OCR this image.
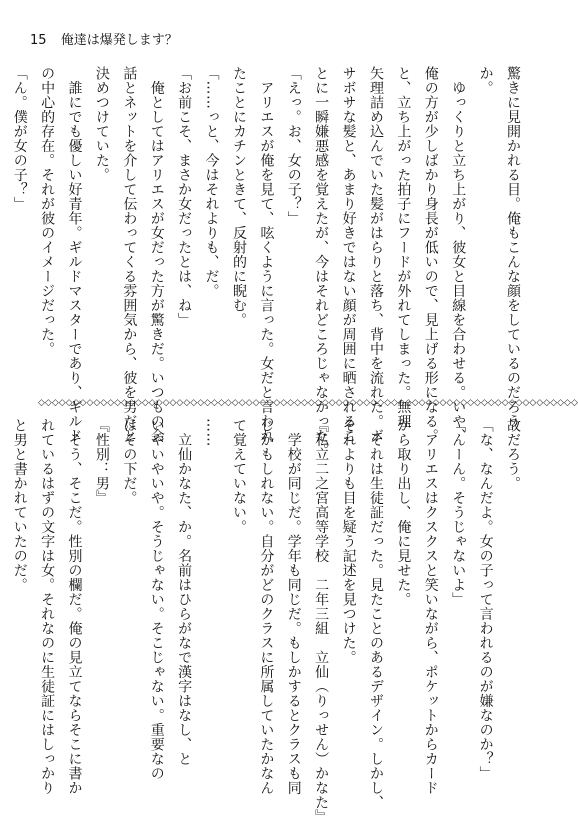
15 俺達は爆発します？

驚きに見開かれる目。俺もこんな顔をしているのだろう

か。

　ゆっくりと立ち上がり、彼女と目線を合わせる。いや、

俺の方が少しばかり身長が低いので、見上げる形になる。

と、立ち上がった拍子にフードが外れてしまった。無理

矢理詰め込んでいた髪がはらりと落ち、背中を流れた。ボ

サボサな髪と、あまり好きではない顔が周囲に晒されるこ

とに一瞬嫌悪感を覚えたが、今はそれどころじゃなかった。

「えっ。お、女の子？」

　アリエスが俺を見て、呟くように言った。女だと言われ

たことにカチンときて、反射的に睨む。

「……っと、今はそれよりも、だ。

「お前こそ、まさか女だったとは、ね」

　俺としてはアリエスが女だった方が驚きだ。いつもの会

話とネットを介して伝わってくる雰囲気から、彼を男だと

決めつけていた。

　誰にでも優しい好青年。ギルドマスターであり、ギルド

の中心的存在。それが彼のイメージだった。

「ん。僕が女の子？」

◇◇◇◇◇◇◇◇◇◇◇◇◇◇◇◇◇◇◇◇◇◇◇◇◇◇◇◇◇◇◇◇◇◇◇◇◇◇◇◇◇◇◇◇◇◇◇◇◇◇◇◇◇◇◇◇◇◇◇◇◇◇◇◇◇◇◇◇◇◇◇◇◇◇◇◇◇◇

故だろう。

「な、なんだよ。女の子って言われるのが嫌なのか？」

「んーん。そうじゃないよ」

　アリエスはクスクスと笑いながら、ポケットからカード

から取り出し、俺に見せた。

　それは生徒証だった。見たことのあるデザイン。しかし、

それよりも目を疑う記述を見つけた。

『私立二之宮高等学校　二年三組　立仙（りっせん）かなた』

　学校が同じだ。学年も同じだ。もしかするとクラスも同

じかもしれない。自分がどのクラスに所属していたかなん

て覚えていない。

……

　立仙かなた、か。名前はひらがなで漢字はなし、と

いやいやいや。そうじゃない。そこじゃない。重要なの

はその下だ。

『性別：男』

　そう、そこだ。性別の欄だ。俺の見立てならそこに書か

れているはずの文字は女。それなのに生徒証にはしっかり

と男と書かれていたのだ。
